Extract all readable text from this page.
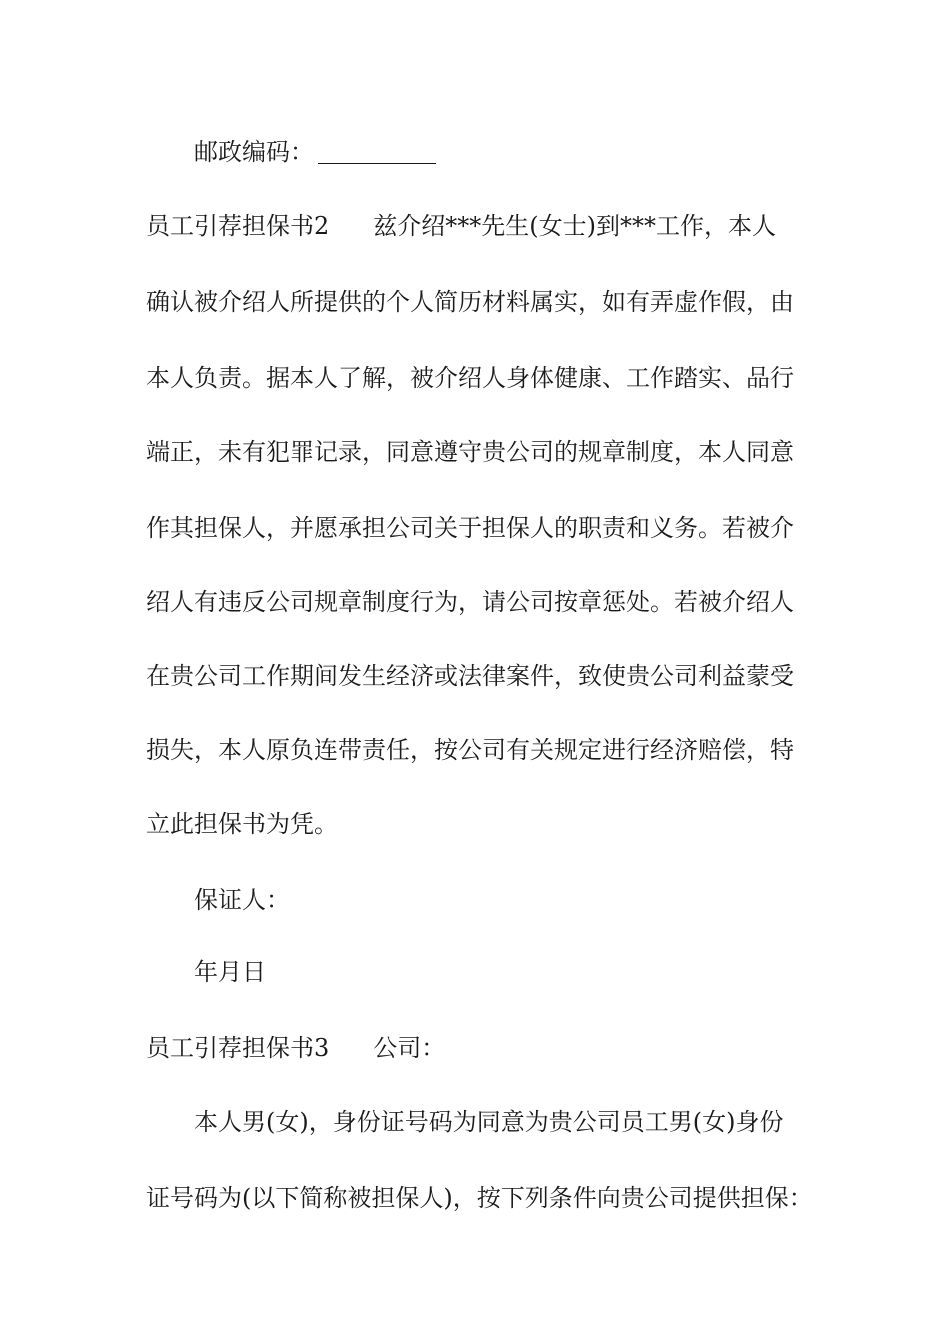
邮政编码：
员工引荐担保书2 兹介绍***先生(女士)到***工作，本人
确认被介绍人所提供的个人简历材料属实，如有弄虚作假，由
本人负责。据本人了解，被介绍人身体健康、工作踏实、品行
端正，未有犯罪记录，同意遵守贵公司的规章制度，本人同意
作其担保人，并愿承担公司关于担保人的职责和义务。若被介
绍人有违反公司规章制度行为，请公司按章惩处。若被介绍人
在贵公司工作期间发生经济或法律案件，致使贵公司利益蒙受
损失，本人原负连带责任，按公司有关规定进行经济赔偿，特
立此担保书为凭。
保证人：
年月日
员工引荐担保书3 公司：
本人男(女)，身份证号码为同意为贵公司员工男(女)身份
证号码为(以下简称被担保人)，按下列条件向贵公司提供担保：
